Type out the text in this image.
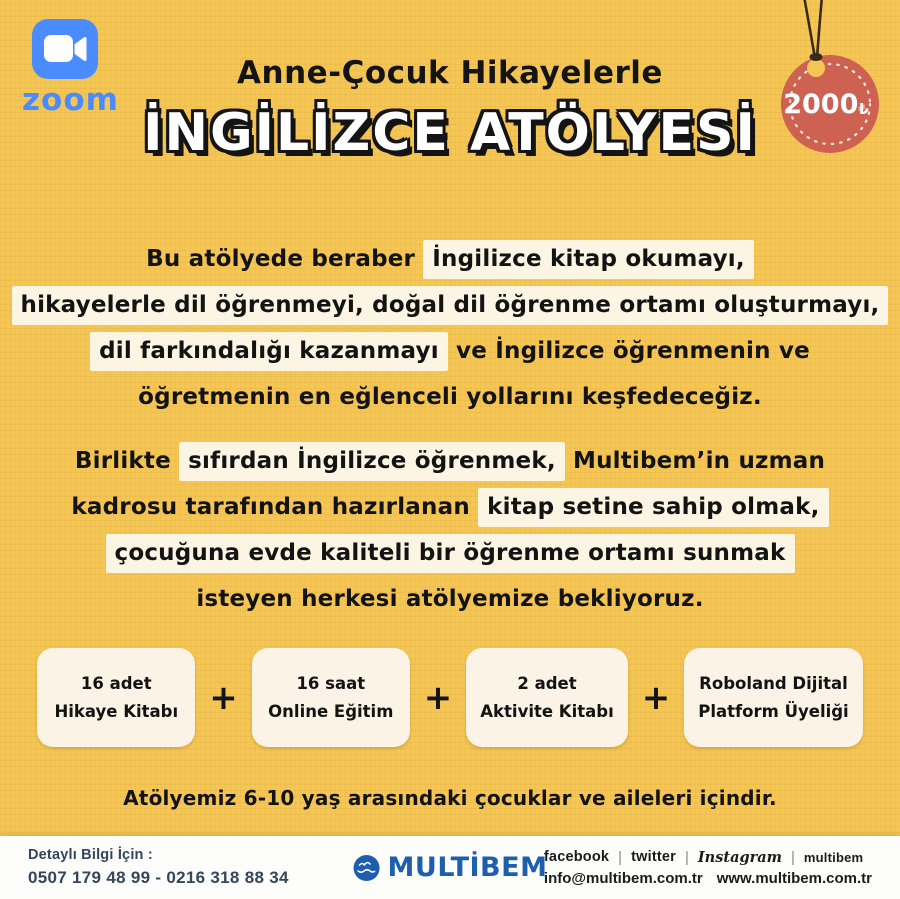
zoom	2000₺
Anne-Çocuk Hikayelerle
İNGİLİZCE ATÖLYESİ
Bu atölyede beraber İngilizce kitap okumayı,
hikayelerle dil öğrenmeyi, doğal dil öğrenme ortamı oluşturmayı,
dil farkındalığı kazanmayı ve İngilizce öğrenmenin ve
öğretmenin en eğlenceli yollarını keşfedeceğiz.
Birlikte sıfırdan İngilizce öğrenmek, Multibem’in uzman
kadrosu tarafından hazırlanan kitap setine sahip olmak,
çocuğuna evde kaliteli bir öğrenme ortamı sunmak
isteyen herkesi atölyemize bekliyoruz.
16 adet
Hikaye Kitabı +	16 saat
Online Eğitim +	2 adet
Aktivite Kitabı + Roboland Dijital
Platform Üyeliği
Atölyemiz 6-10 yaş arasındaki çocuklar ve aileleri içindir.
Detaylı Bilgi İçin :
0507 179 48 99 - 0216 318 88 34	MULTİBEM
facebook | twitter | Instagram | multibem
info@multibem.com.tr www.multibem.com.tr
